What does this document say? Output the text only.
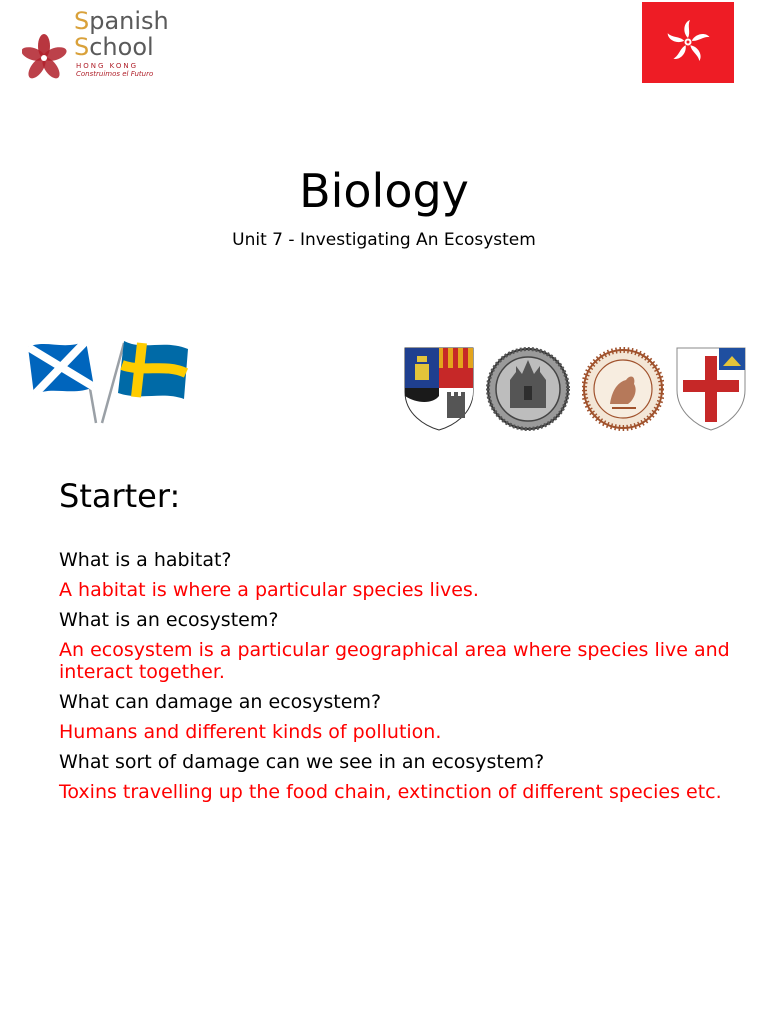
Spanish
School
HONG KONG
Construimos el Futuro
Biology
Unit 7 - Investigating An Ecosystem
Starter:

What is a habitat?

A habitat is where a particular species lives.

What is an ecosystem?

An ecosystem is a particular geographical area where species live and interact together.

What can damage an ecosystem?

Humans and different kinds of pollution.

What sort of damage can we see in an ecosystem?

Toxins travelling up the food chain, extinction of different species etc.
